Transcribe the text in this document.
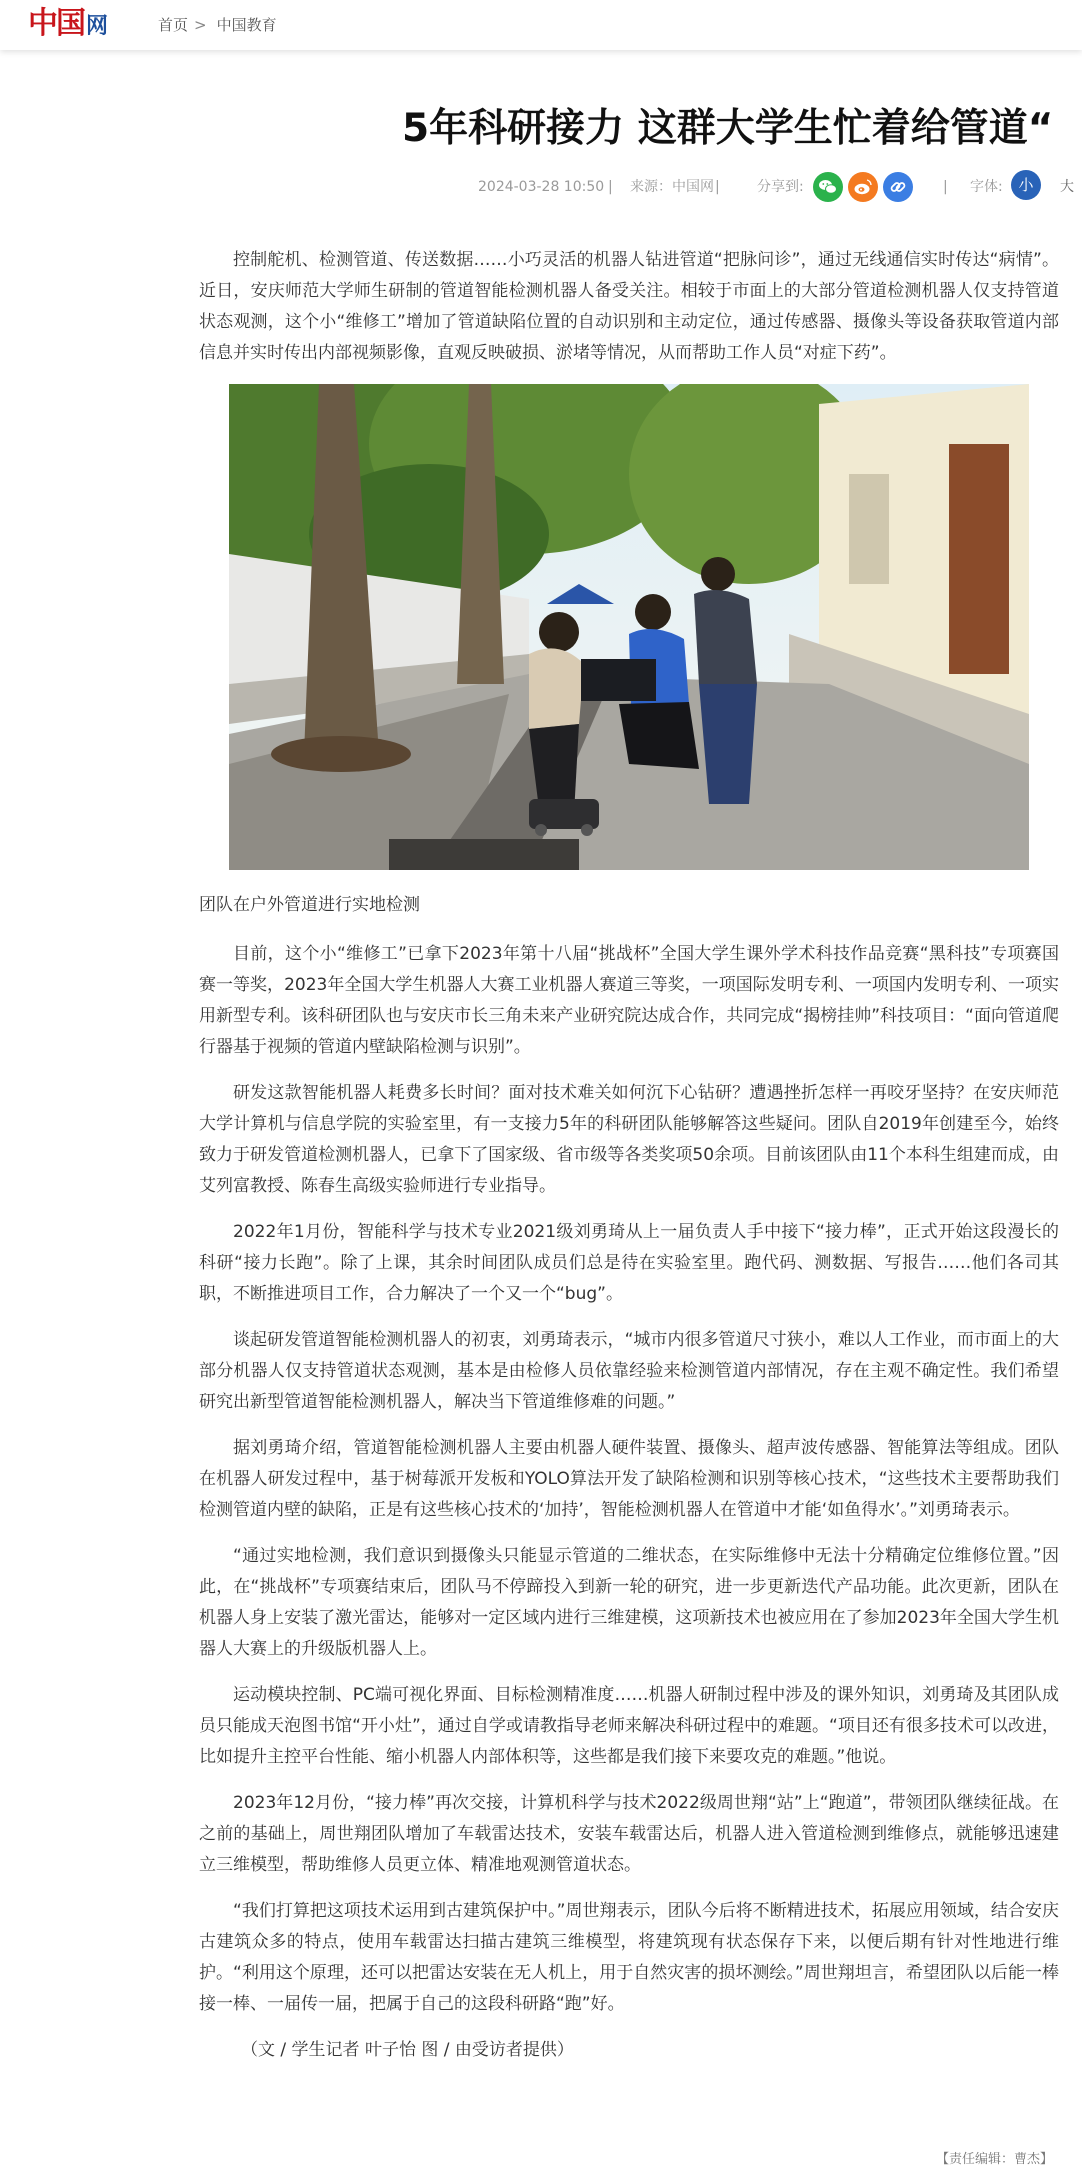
中国网	首页 > 中国教育
5年科研接力 这群大学生忙着给管道“
2024-03-28 10:50 | 来源：中国网 |	分享到:	| 字体:	小	大

控制舵机、检测管道、传送数据……小巧灵活的机器人钻进管道“把脉问诊”，通过无线通信实时传达“病情”。近日，安庆师范大学师生研制的管道智能检测机器人备受关注。相较于市面上的大部分管道检测机器人仅支持管道状态观测，这个小“维修工”增加了管道缺陷位置的自动识别和主动定位，通过传感器、摄像头等设备获取管道内部信息并实时传出内部视频影像，直观反映破损、淤堵等情况，从而帮助工作人员“对症下药”。

团队在户外管道进行实地检测

目前，这个小“维修工”已拿下2023年第十八届“挑战杯”全国大学生课外学术科技作品竞赛“黑科技”专项赛国赛一等奖，2023年全国大学生机器人大赛工业机器人赛道三等奖，一项国际发明专利、一项国内发明专利、一项实用新型专利。该科研团队也与安庆市长三角未来产业研究院达成合作，共同完成“揭榜挂帅”科技项目：“面向管道爬行器基于视频的管道内壁缺陷检测与识别”。

研发这款智能机器人耗费多长时间？面对技术难关如何沉下心钻研？遭遇挫折怎样一再咬牙坚持？在安庆师范大学计算机与信息学院的实验室里，有一支接力5年的科研团队能够解答这些疑问。团队自2019年创建至今，始终致力于研发管道检测机器人，已拿下了国家级、省市级等各类奖项50余项。目前该团队由11个本科生组建而成，由艾列富教授、陈春生高级实验师进行专业指导。

2022年1月份，智能科学与技术专业2021级刘勇琦从上一届负责人手中接下“接力棒”，正式开始这段漫长的科研“接力长跑”。除了上课，其余时间团队成员们总是待在实验室里。跑代码、测数据、写报告……他们各司其职，不断推进项目工作，合力解决了一个又一个“bug”。

谈起研发管道智能检测机器人的初衷，刘勇琦表示，“城市内很多管道尺寸狭小，难以人工作业，而市面上的大部分机器人仅支持管道状态观测，基本是由检修人员依靠经验来检测管道内部情况，存在主观不确定性。我们希望研究出新型管道智能检测机器人，解决当下管道维修难的问题。”

据刘勇琦介绍，管道智能检测机器人主要由机器人硬件装置、摄像头、超声波传感器、智能算法等组成。团队在机器人研发过程中，基于树莓派开发板和YOLO算法开发了缺陷检测和识别等核心技术，“这些技术主要帮助我们检测管道内壁的缺陷，正是有这些核心技术的‘加持’，智能检测机器人在管道中才能‘如鱼得水’。”刘勇琦表示。

“通过实地检测，我们意识到摄像头只能显示管道的二维状态，在实际维修中无法十分精确定位维修位置。”因此，在“挑战杯”专项赛结束后，团队马不停蹄投入到新一轮的研究，进一步更新迭代产品功能。此次更新，团队在机器人身上安装了激光雷达，能够对一定区域内进行三维建模，这项新技术也被应用在了参加2023年全国大学生机器人大赛上的升级版机器人上。

运动模块控制、PC端可视化界面、目标检测精准度……机器人研制过程中涉及的课外知识，刘勇琦及其团队成员只能成天泡图书馆“开小灶”，通过自学或请教指导老师来解决科研过程中的难题。“项目还有很多技术可以改进，比如提升主控平台性能、缩小机器人内部体积等，这些都是我们接下来要攻克的难题。”他说。

2023年12月份，“接力棒”再次交接，计算机科学与技术2022级周世翔“站”上“跑道”，带领团队继续征战。在之前的基础上，周世翔团队增加了车载雷达技术，安装车载雷达后，机器人进入管道检测到维修点，就能够迅速建立三维模型，帮助维修人员更立体、精准地观测管道状态。

“我们打算把这项技术运用到古建筑保护中。”周世翔表示，团队今后将不断精进技术，拓展应用领域，结合安庆古建筑众多的特点，使用车载雷达扫描古建筑三维模型，将建筑现有状态保存下来，以便后期有针对性地进行维护。“利用这个原理，还可以把雷达安装在无人机上，用于自然灾害的损坏测绘。”周世翔坦言，希望团队以后能一棒接一棒、一届传一届，把属于自己的这段科研路“跑”好。

（文 / 学生记者 叶子怡 图 / 由受访者提供）

【责任编辑：曹杰】
